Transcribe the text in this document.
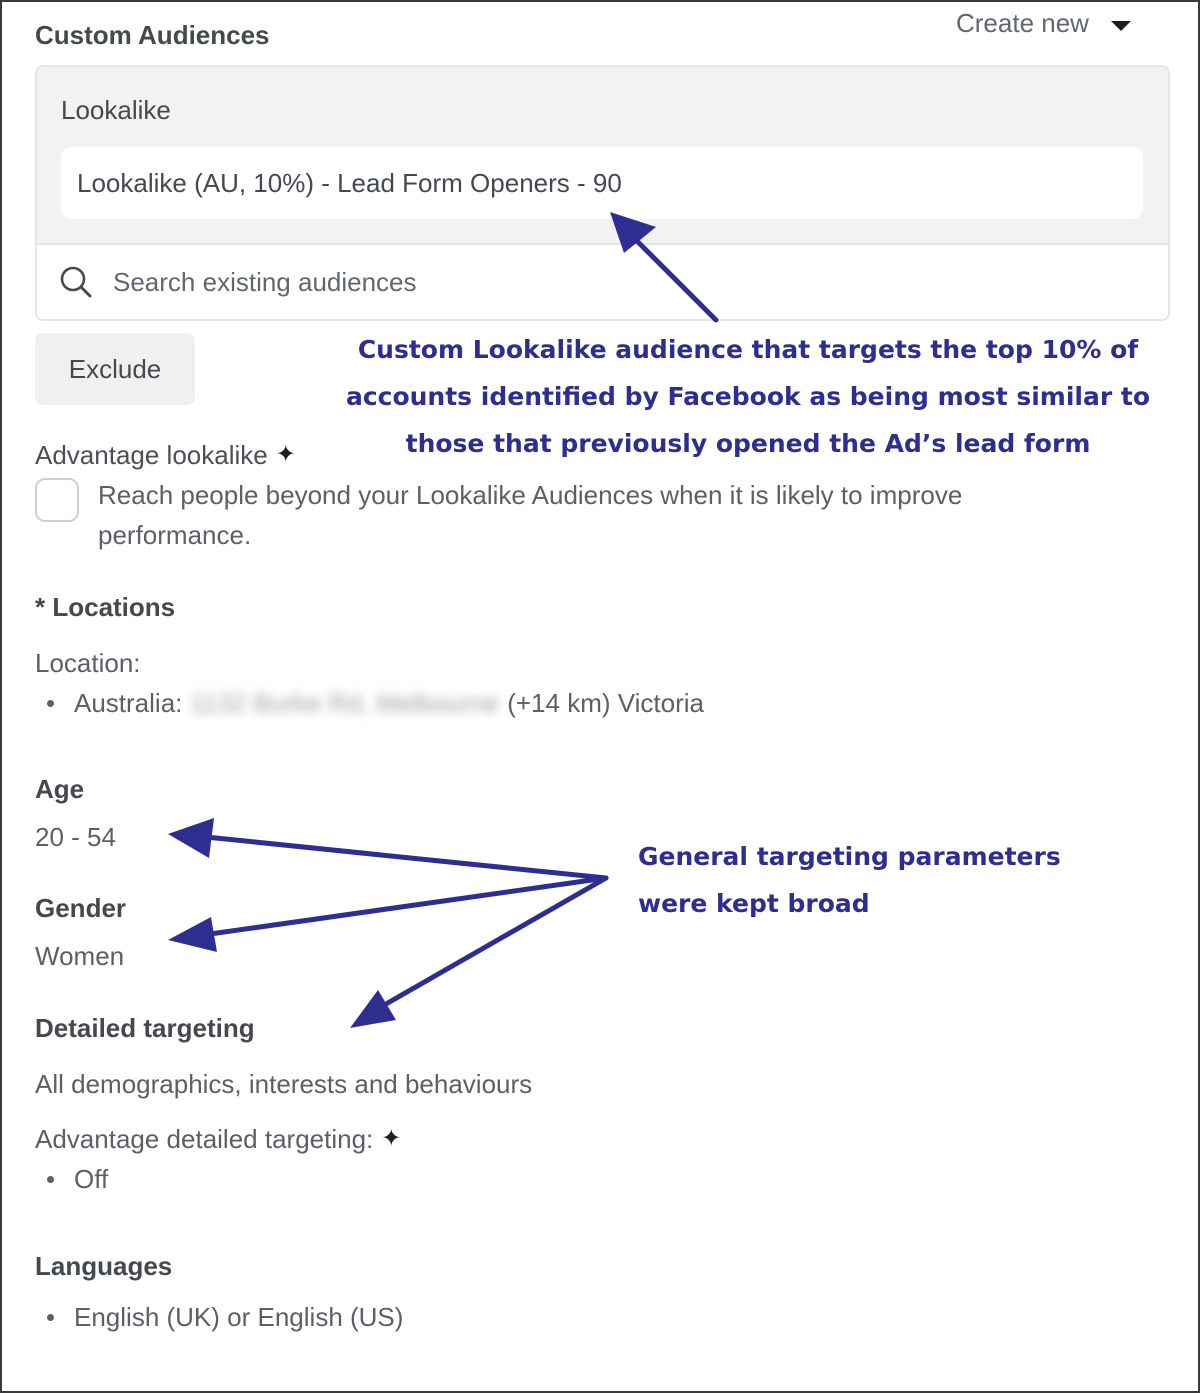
Custom Audiences	Create new
Lookalike
Lookalike (AU, 10%) - Lead Form Openers - 90
Search existing audiences
Exclude
Advantage lookalike ✦
Reach people beyond your Lookalike Audiences when it is likely to improve
performance.
* Locations
Location:
Australia: 1132 Burke Rd, Melbourne (+14 km) Victoria
Age
20 - 54
Gender
Women
Detailed targeting
All demographics, interests and behaviours
Advantage detailed targeting: ✦
Off
Languages
English (UK) or English (US)
Custom Lookalike audience that targets the top 10% of
accounts identified by Facebook as being most similar to
those that previously opened the Ad’s lead form
General targeting parameters
were kept broad
